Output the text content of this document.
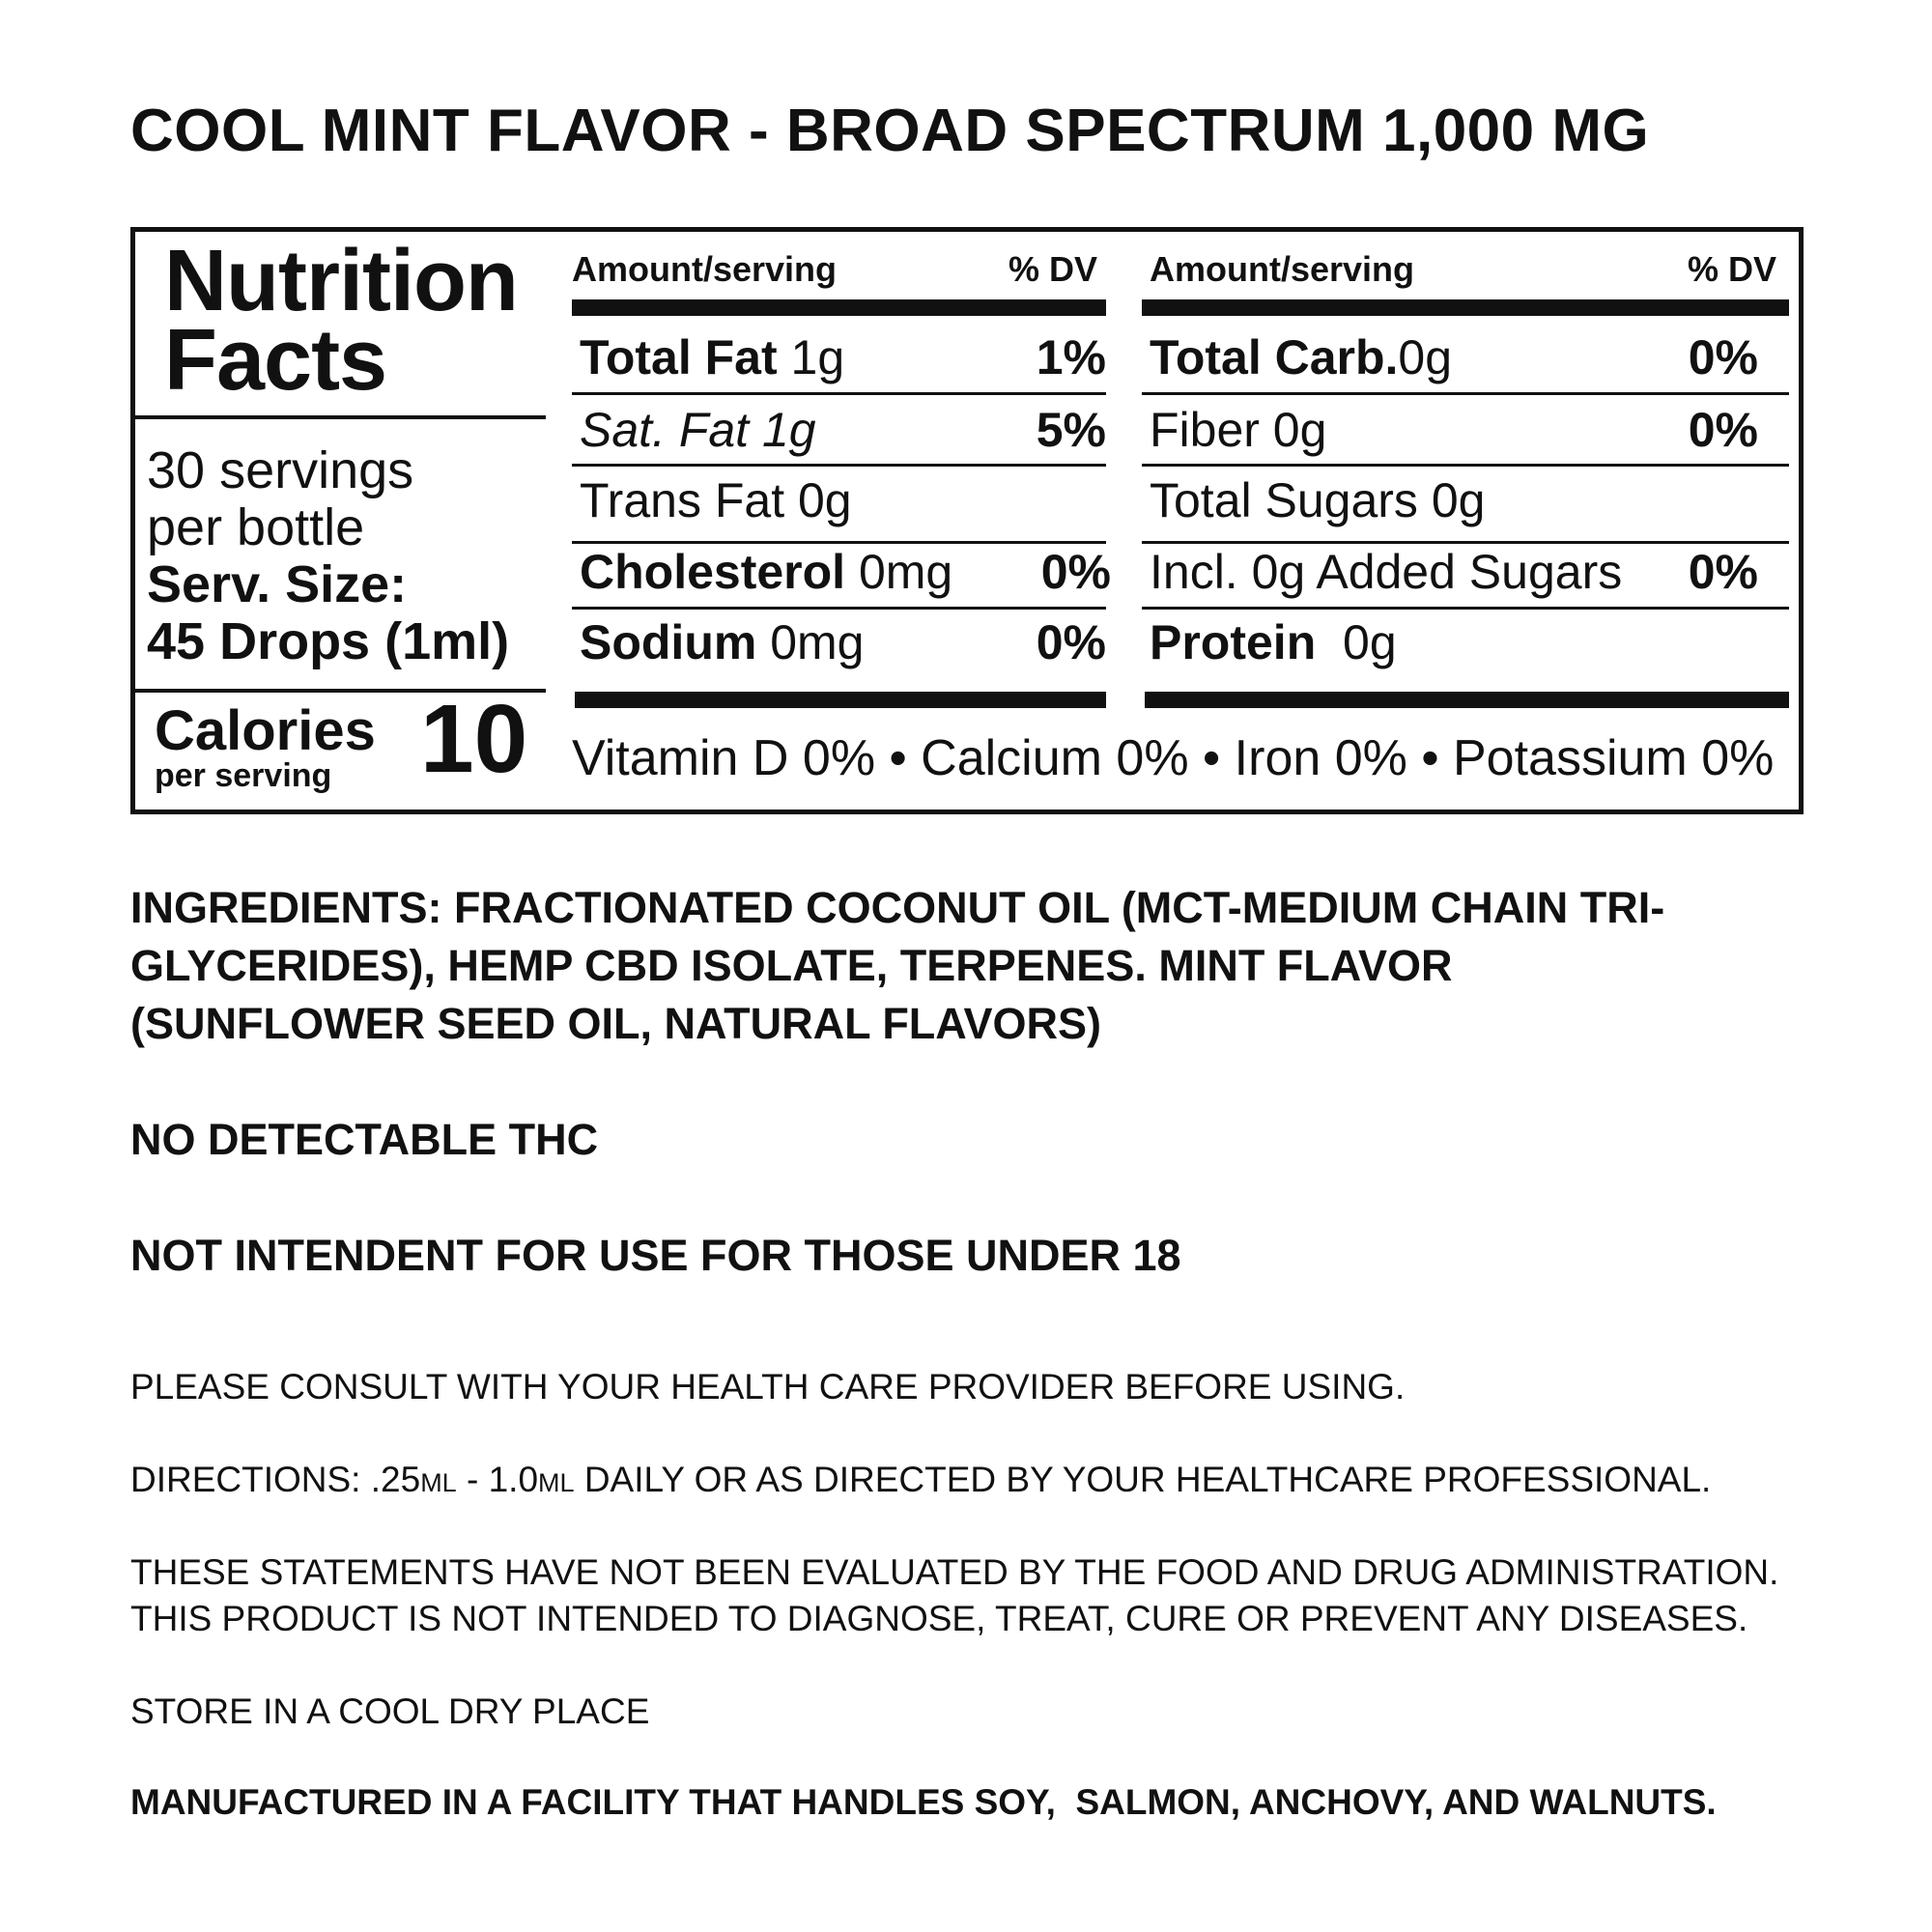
COOL MINT FLAVOR - BROAD SPECTRUM 1,000 MG
Nutrition
Facts
30 servings
per bottle
Serv. Size:
45 Drops (1ml)
Calories
per serving 10
Amount/serving	% DV
Total Fat 1g	1%
Sat. Fat 1g	5%
Trans Fat 0g
Cholesterol 0mg	0%
Sodium 0mg	0%
Amount/serving	% DV
Total Carb.0g	0%
Fiber 0g	0%
Total Sugars 0g
Incl. 0g Added Sugars	0%
Protein  0g
Vitamin D 0% • Calcium 0% • Iron 0% • Potassium 0%
INGREDIENTS: FRACTIONATED COCONUT OIL (MCT-MEDIUM CHAIN TRI-GLYCERIDES), HEMP CBD ISOLATE, TERPENES. MINT FLAVOR (SUNFLOWER SEED OIL, NATURAL FLAVORS)
NO DETECTABLE THC
NOT INTENDENT FOR USE FOR THOSE UNDER 18
PLEASE CONSULT WITH YOUR HEALTH CARE PROVIDER BEFORE USING.
DIRECTIONS: .25ML - 1.0ML DAILY OR AS DIRECTED BY YOUR HEALTHCARE PROFESSIONAL.
THESE STATEMENTS HAVE NOT BEEN EVALUATED BY THE FOOD AND DRUG ADMINISTRATION.
THIS PRODUCT IS NOT INTENDED TO DIAGNOSE, TREAT, CURE OR PREVENT ANY DISEASES.
STORE IN A COOL DRY PLACE
MANUFACTURED IN A FACILITY THAT HANDLES SOY,  SALMON, ANCHOVY, AND WALNUTS.
